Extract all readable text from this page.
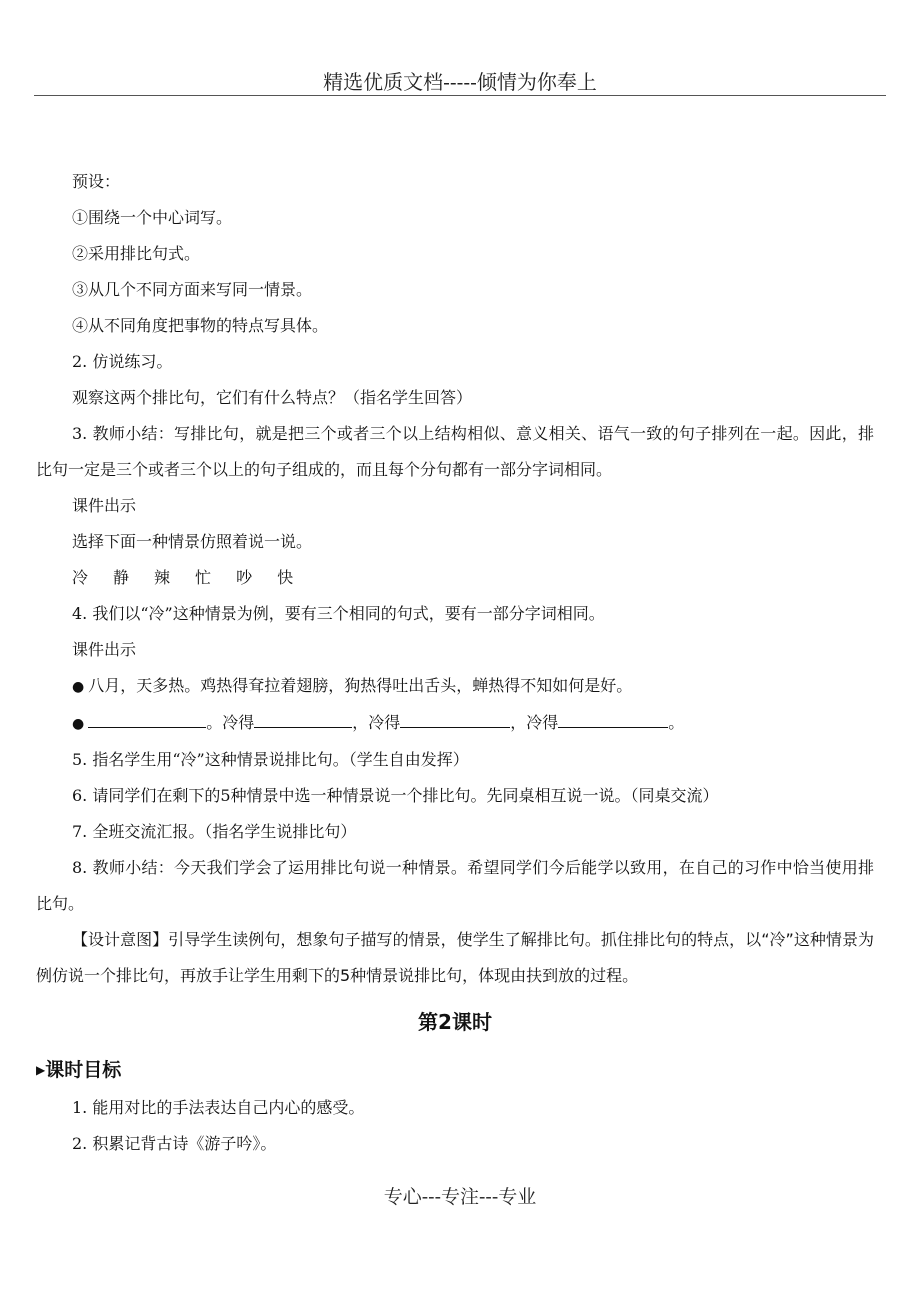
精选优质文档-----倾情为你奉上

预设：

①围绕一个中心词写。

②采用排比句式。

③从几个不同方面来写同一情景。

④从不同角度把事物的特点写具体。

2. 仿说练习。

观察这两个排比句，它们有什么特点？（指名学生回答）

3. 教师小结：写排比句，就是把三个或者三个以上结构相似、意义相关、语气一致的句子排列在一起。因此，排比句一定是三个或者三个以上的句子组成的，而且每个分句都有一部分字词相同。

课件出示

选择下面一种情景仿照着说一说。

冷 静 辣 忙 吵 快

4. 我们以“冷”这种情景为例，要有三个相同的句式，要有一部分字词相同。

课件出示

● 八月，天多热。鸡热得耷拉着翅膀，狗热得吐出舌头，蝉热得不知如何是好。

●	。冷得	，冷得	，冷得	。

5. 指名学生用“冷”这种情景说排比句。（学生自由发挥）

6. 请同学们在剩下的5种情景中选一种情景说一个排比句。先同桌相互说一说。（同桌交流）

7. 全班交流汇报。（指名学生说排比句）

8. 教师小结：今天我们学会了运用排比句说一种情景。希望同学们今后能学以致用，在自己的习作中恰当使用排比句。

【设计意图】引导学生读例句，想象句子描写的情景，使学生了解排比句。抓住排比句的特点，以“冷”这种情景为例仿说一个排比句，再放手让学生用剩下的5种情景说排比句，体现由扶到放的过程。

第2课时

▶课时目标

1. 能用对比的手法表达自己内心的感受。

2. 积累记背古诗《游子吟》。

专心---专注---专业
